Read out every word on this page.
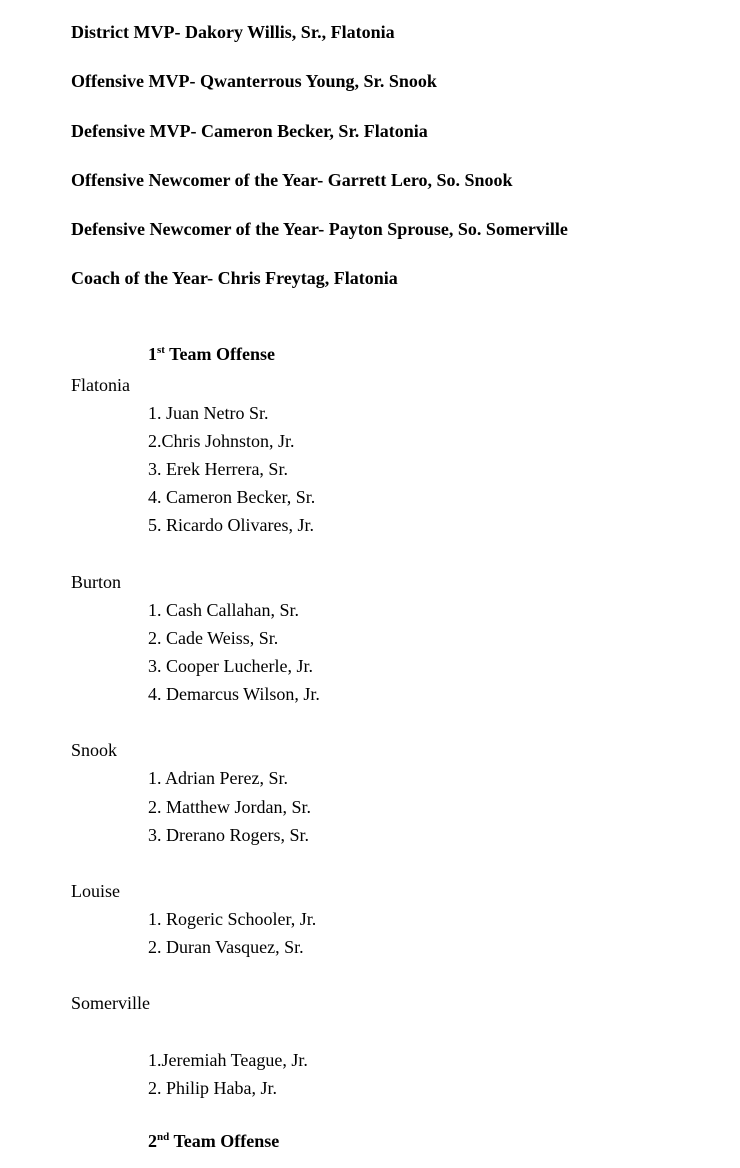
District MVP- Dakory Willis, Sr., Flatonia
Offensive MVP- Qwanterrous Young, Sr. Snook
Defensive MVP- Cameron Becker, Sr. Flatonia
Offensive Newcomer of the Year- Garrett Lero, So. Snook
Defensive Newcomer of the Year- Payton Sprouse, So. Somerville
Coach of the Year- Chris Freytag, Flatonia
1st Team Offense
Flatonia
1. Juan Netro Sr.
2.Chris Johnston, Jr.
3. Erek Herrera, Sr.
4. Cameron Becker, Sr.
5. Ricardo Olivares, Jr.
Burton
1. Cash Callahan, Sr.
2. Cade Weiss, Sr.
3. Cooper Lucherle, Jr.
4. Demarcus Wilson, Jr.
Snook
1. Adrian Perez, Sr.
2. Matthew Jordan, Sr.
3. Drerano Rogers, Sr.
Louise
1. Rogeric Schooler, Jr.
2. Duran Vasquez, Sr.
Somerville
1.Jeremiah Teague, Jr.
2. Philip Haba, Jr.
2nd Team Offense
